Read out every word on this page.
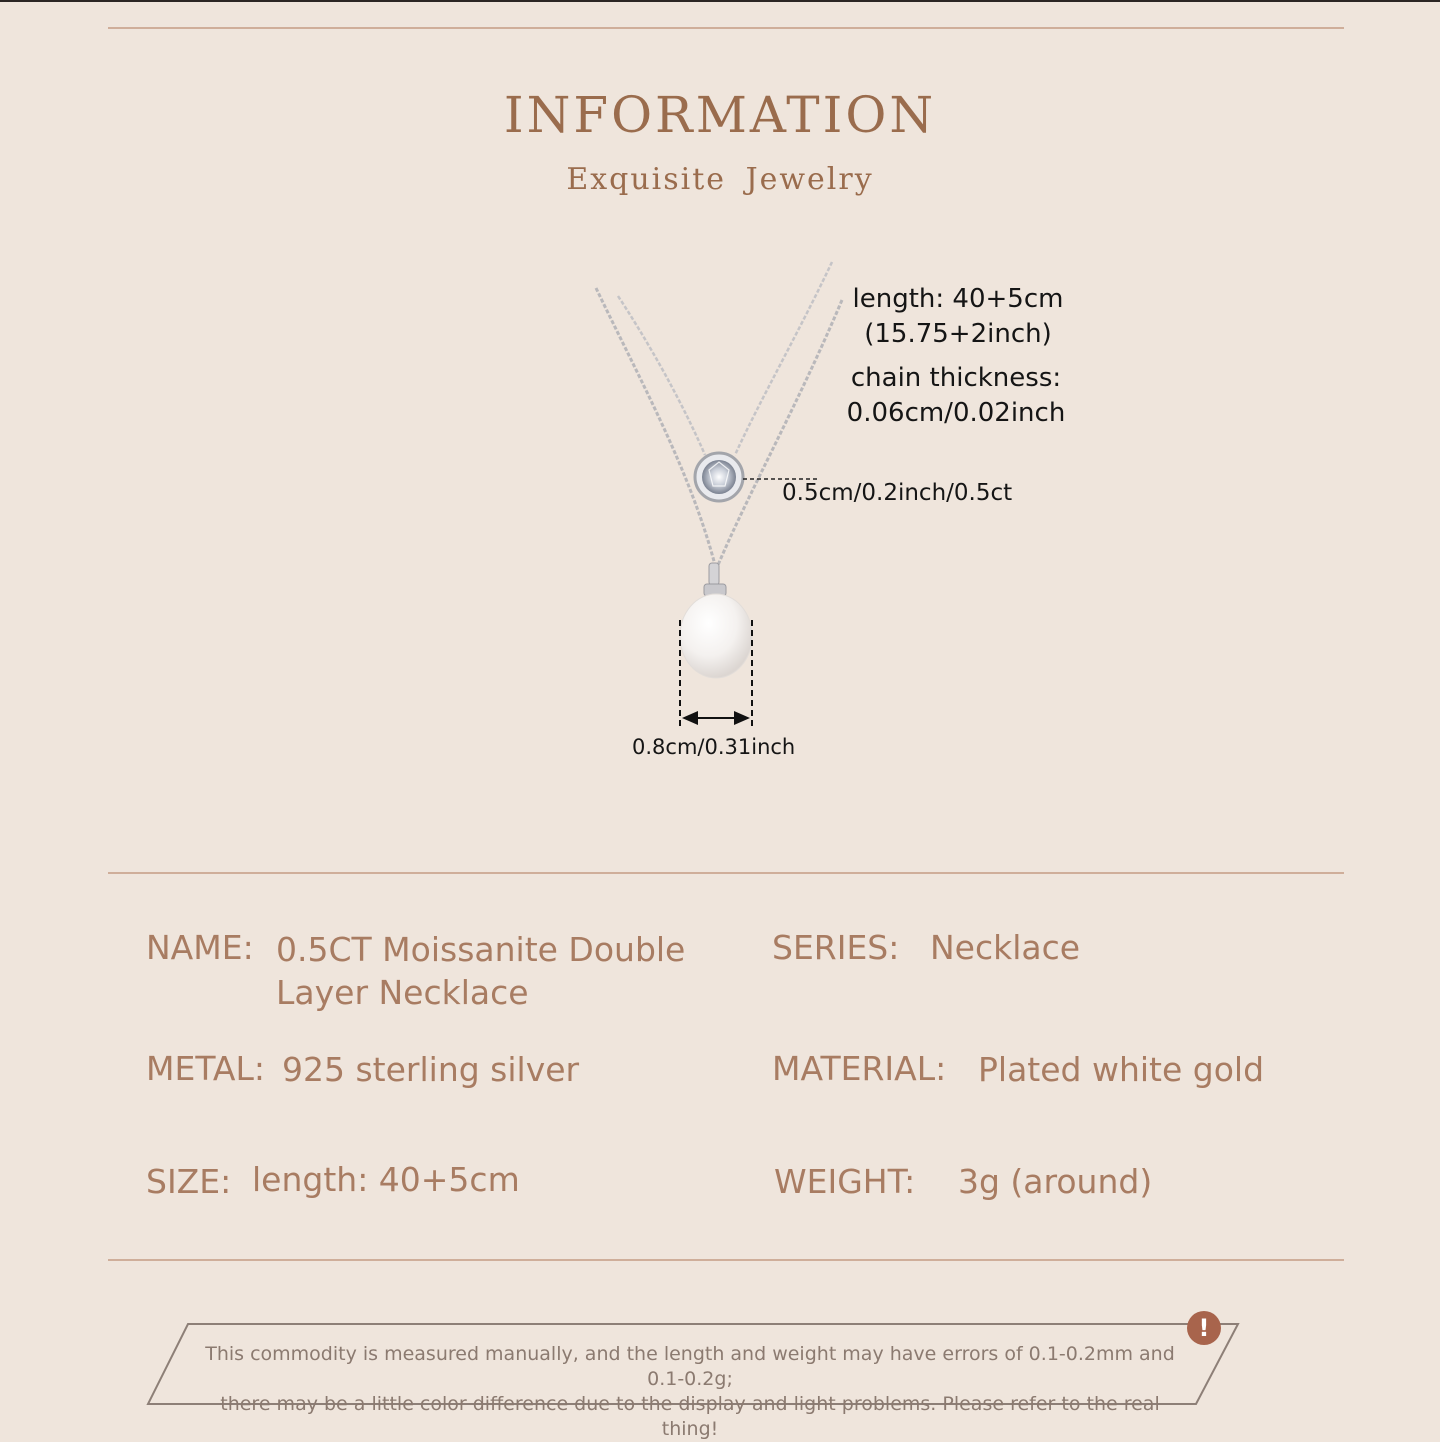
INFORMATION
Exquisite Jewelry
length: 40+5cm
(15.75+2inch)
chain thickness:
0.06cm/0.02inch
0.5cm/0.2inch/0.5ct
0.8cm/0.31inch
NAME: 0.5CT Moissanite Double
Layer Necklace
SERIES: Necklace
METAL: 925 sterling silver	MATERIAL: Plated white gold
SIZE: length: 40+5cm	WEIGHT: 3g (around)
This commodity is measured manually, and the length and weight may have errors of 0.1-0.2mm and 0.1-0.2g;
there may be a little color difference due to the display and light problems. Please refer to the real thing!
!
